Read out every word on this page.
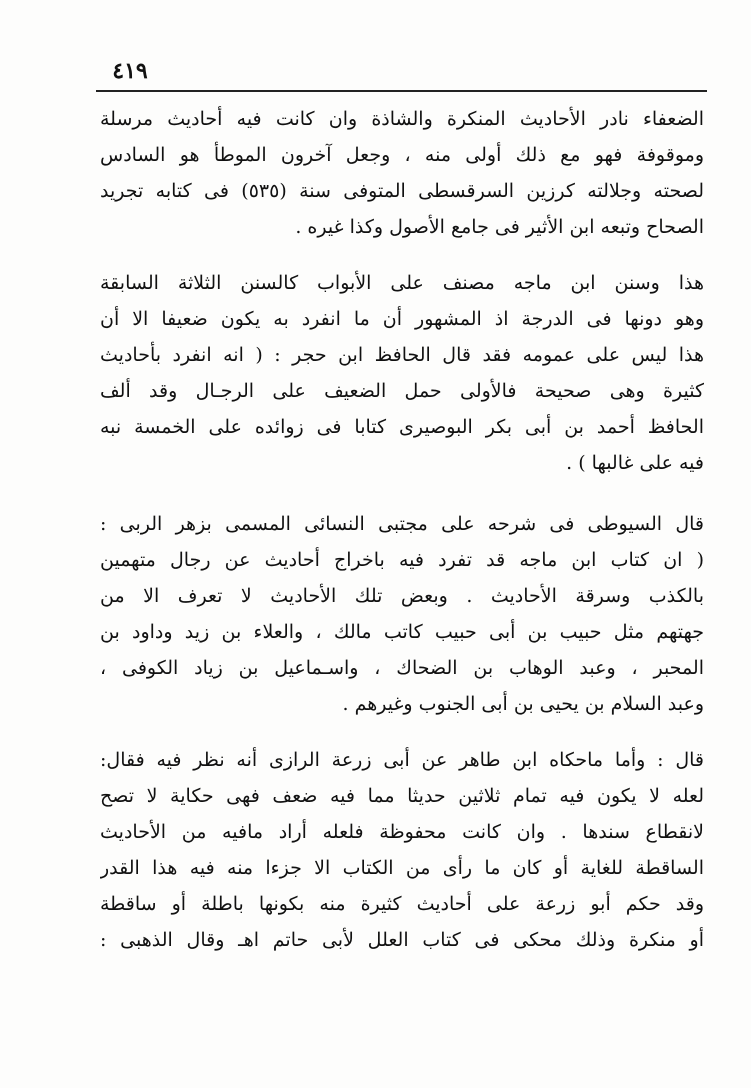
٤١٩
الضعفاء نادر الأحاديث المنكرة والشاذة وان كانت فيه أحاديث مرسلة
وموقوفة فهو مع ذلك أولى منه ، وجعل آخرون الموطأ هو السادس
لصحته وجلالته كرزين السرقسطى المتوفى سنة (٥٣٥) فى كتابه تجريد
الصحاح وتبعه ابن الأثير فى جامع الأصول وكذا غيره .
هذا وسنن ابن ماجه مصنف على الأبواب كالسنن الثلاثة السابقة
وهو دونها فى الدرجة اذ المشهور أن ما انفرد به يكون ضعيفا الا أن
هذا ليس على عمومه فقد قال الحافظ ابن حجر : ( انه انفرد بأحاديث
كثيرة وهى صحيحة فالأولى حمل الضعيف على الرجـال وقد ألف
الحافظ أحمد بن أبى بكر البوصيرى كتابا فى زوائده على الخمسة نبه
فيه على غالبها ) .
قال السيوطى فى شرحه على مجتبى النسائى المسمى بزهر الربى :
( ان كتاب ابن ماجه قد تفرد فيه باخراج أحاديث عن رجال متهمين
بالكذب وسرقة الأحاديث . وبعض تلك الأحاديث لا تعرف الا من
جهتهم مثل حبيب بن أبى حبيب كاتب مالك ، والعلاء بن زيد وداود بن
المحبر ، وعبد الوهاب بن الضحاك ، واسـماعيل بن زياد الكوفى ،
وعبد السلام بن يحيى بن أبى الجنوب وغيرهم .
قال : وأما ماحكاه ابن طاهر عن أبى زرعة الرازى أنه نظر فيه فقال:
لعله لا يكون فيه تمام ثلاثين حديثا مما فيه ضعف فهى حكاية لا تصح
لانقطاع سندها . وان كانت محفوظة فلعله أراد مافيه من الأحاديث
الساقطة للغاية أو كان ما رأى من الكتاب الا جزءا منه فيه هذا القدر
وقد حكم أبو زرعة على أحاديث كثيرة منه بكونها باطلة أو ساقطة
أو منكرة وذلك محكى فى كتاب العلل لأبى حاتم اهـ وقال الذهبى :
